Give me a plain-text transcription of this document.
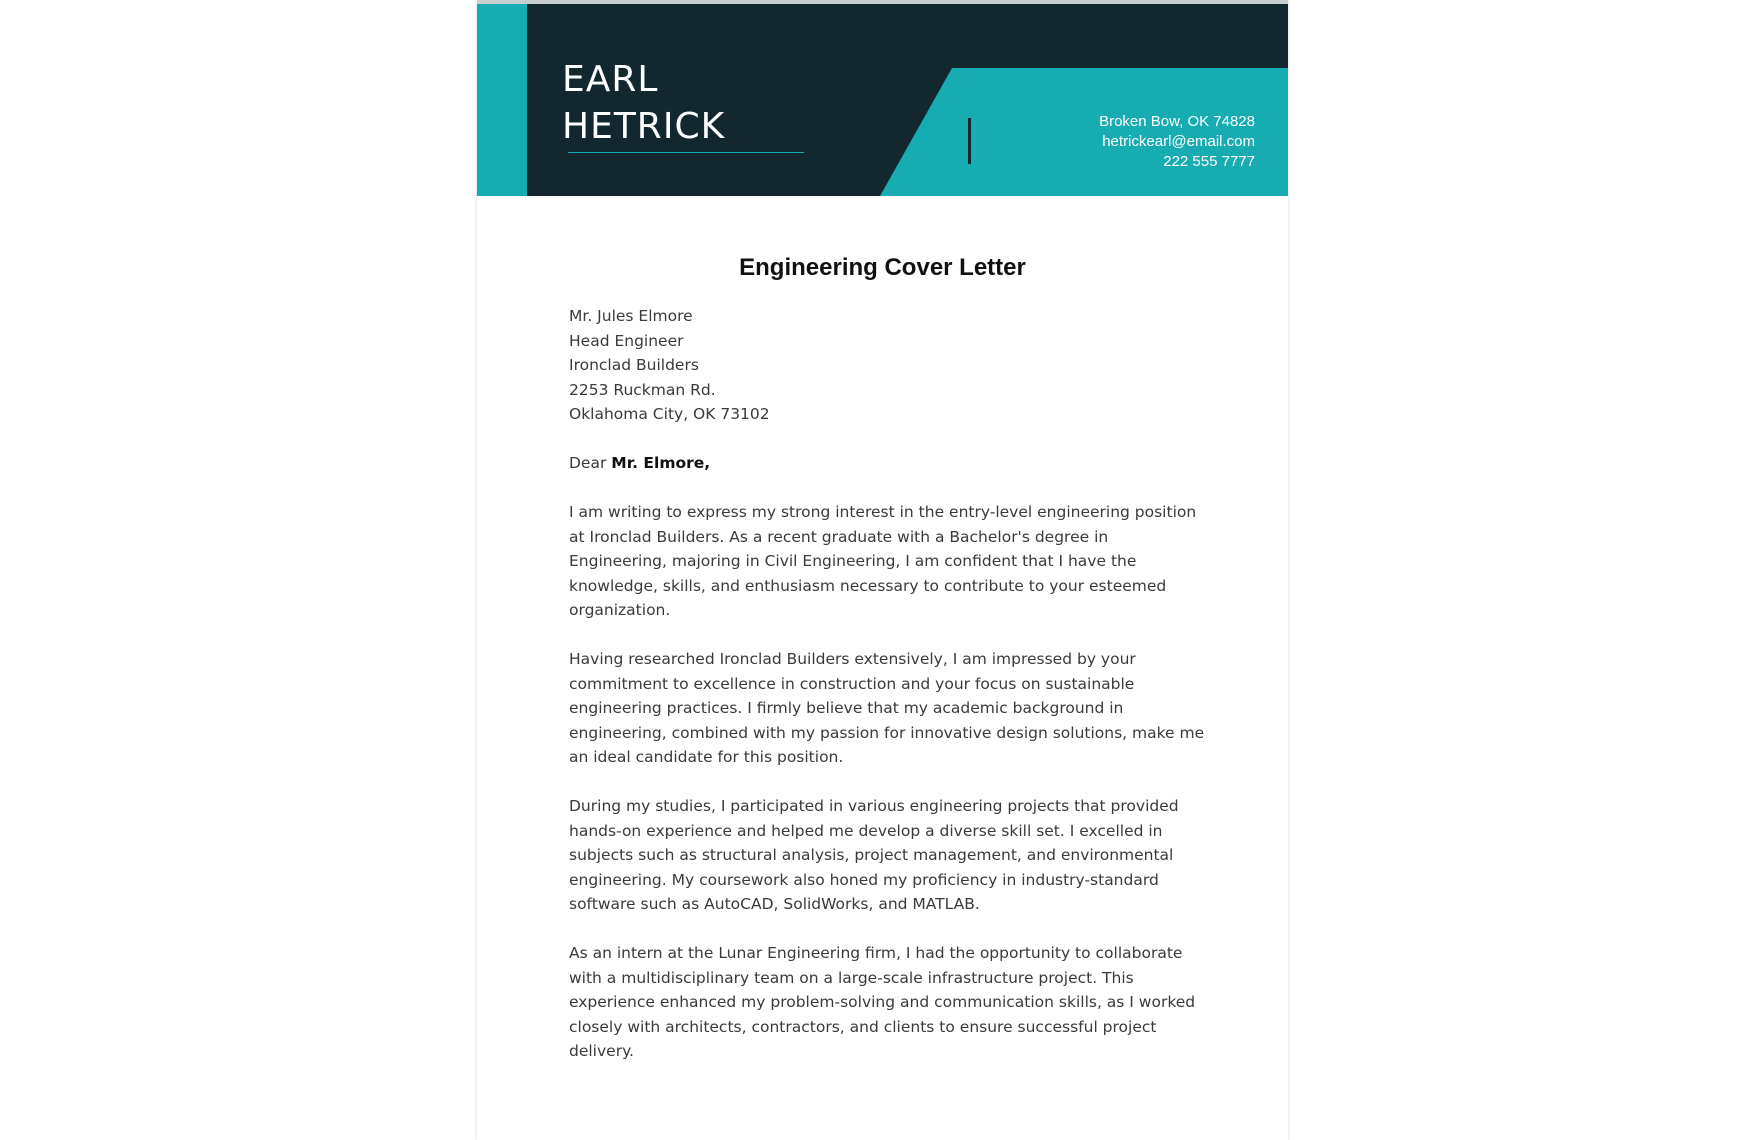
EARL
HETRICK	Broken Bow, OK 74828
hetrickearl@email.com
222 555 7777
Engineering Cover Letter
Mr. Jules Elmore
Head Engineer
Ironclad Builders
2253 Ruckman Rd.
Oklahoma City, OK 73102
Dear Mr. Elmore,

I am writing to express my strong interest in the entry-level engineering position at Ironclad Builders. As a recent graduate with a Bachelor's degree in Engineering, majoring in Civil Engineering, I am confident that I have the knowledge, skills, and enthusiasm necessary to contribute to your esteemed organization.

Having researched Ironclad Builders extensively, I am impressed by your commitment to excellence in construction and your focus on sustainable engineering practices. I firmly believe that my academic background in engineering, combined with my passion for innovative design solutions, make me an ideal candidate for this position.

During my studies, I participated in various engineering projects that provided hands-on experience and helped me develop a diverse skill set. I excelled in subjects such as structural analysis, project management, and environmental engineering. My coursework also honed my proficiency in industry-standard software such as AutoCAD, SolidWorks, and MATLAB.

As an intern at the Lunar Engineering firm, I had the opportunity to collaborate with a multidisciplinary team on a large-scale infrastructure project. This experience enhanced my problem-solving and communication skills, as I worked closely with architects, contractors, and clients to ensure successful project delivery.
